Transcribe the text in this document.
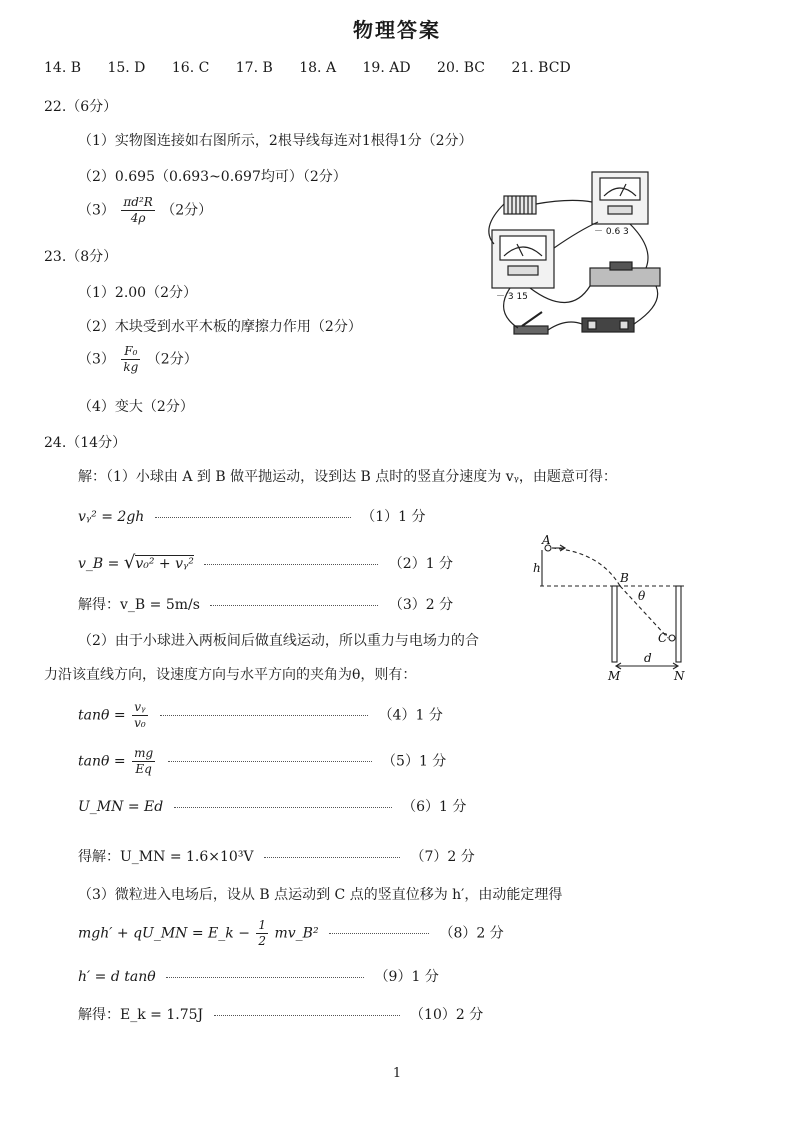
物理答案
14. B 15. D 16. C 17. B 18. A 19. AD 20. BC 21. BCD
22.（6分）
（1）实物图连接如右图所示，2根导线每连对1根得1分（2分）
（2）0.695（0.693~0.697均可）（2分）
$(3) \frac{\text{πd²R}}{4\rho} (2$分）
－ 0.6 3
－ 3 15
23.（8分）
（1）2.00（2分）
（2）木块受到水平木板的摩擦力作用（2分）
$(3) \frac{\text{F₀}}{kg} (2$分）
（4）变大（2分）
24.（14分）
解：（1）小球由 A 到 B 做平抛运动，设到达 B 点时的竖直分速度为 vᵧ，由题意可得：
vᵧ² = 2gh	（1）1 分
v_B = √v₀² + vᵧ²	（2）1 分
解得：v_B = 5m/s	（3）2 分
（2）由于小球进入两板间后做直线运动，所以重力与电场力的合
力沿该直线方向，设速度方向与水平方向的夹角为θ，则有：
$\tan\theta = \frac{\text{vᵧ}}{\text{v₀}}$	（4）1 分
$\tan\theta = \frac{mg}{Eq}$	（5）1 分
U_MN = Ed	（6）1 分
得解：U_MN = 1.6×10³V	（7）2 分
（3）微粒进入电场后，设从 B 点运动到 C 点的竖直位移为 h′，由动能定理得
mgh′ + qU_MN = E_k − $\frac{1}{2}$ mv_B²	（8）2 分
h′ = d tanθ	（9）1 分
解得：E_k = 1.75J	（10）2 分
A
h
B
θ
C
d
M	N
1
